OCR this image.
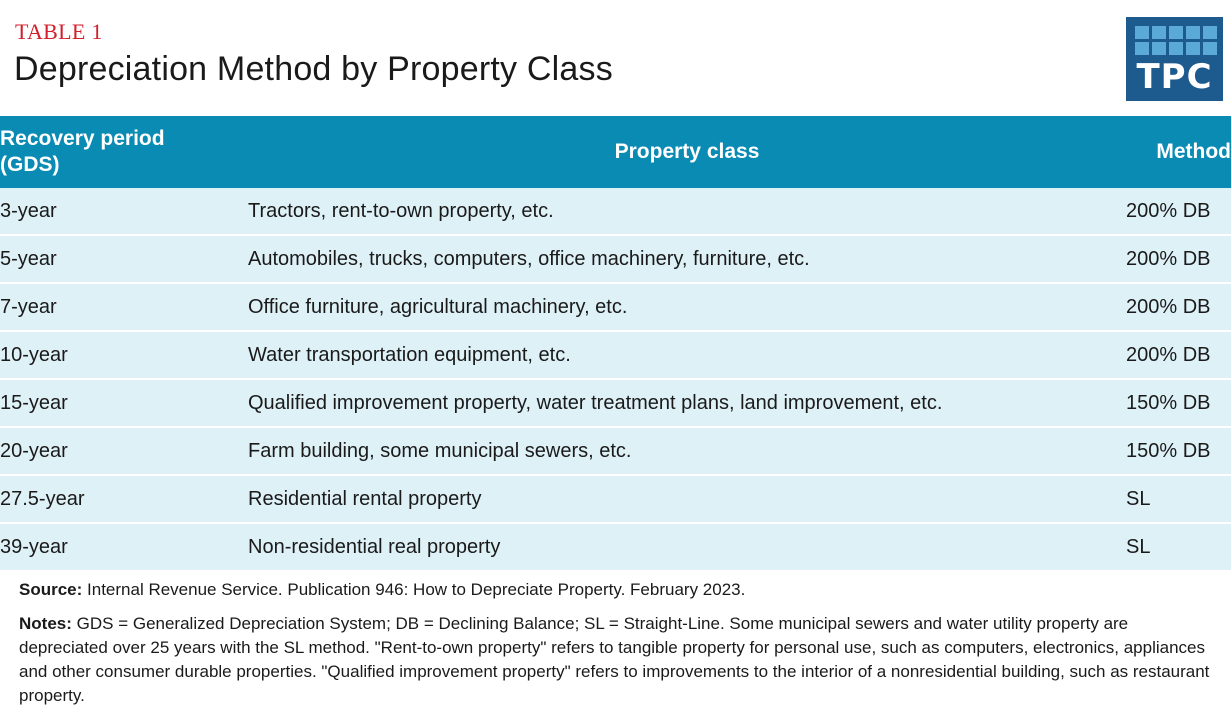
TABLE 1
Depreciation Method by Property Class	TPC
Recovery period
(GDS)	Property class	Method
3-year	Tractors, rent-to-own property, etc.	200% DB
5-year	Automobiles, trucks, computers, office machinery, furniture, etc.	200% DB
7-year	Office furniture, agricultural machinery, etc.	200% DB
10-year	Water transportation equipment, etc.	200% DB
15-year	Qualified improvement property, water treatment plans, land improvement, etc.	150% DB
20-year	Farm building, some municipal sewers, etc.	150% DB
27.5-year	Residential rental property	SL
39-year	Non-residential real property	SL
Source: Internal Revenue Service. Publication 946: How to Depreciate Property. February 2023.
Notes: GDS = Generalized Depreciation System; DB = Declining Balance; SL = Straight-Line. Some municipal sewers and water utility property are depreciated over 25 years with the SL method. "Rent-to-own property" refers to tangible property for personal use, such as computers, electronics, appliances and other consumer durable properties. "Qualified improvement property" refers to improvements to the interior of a nonresidential building, such as restaurant property.
